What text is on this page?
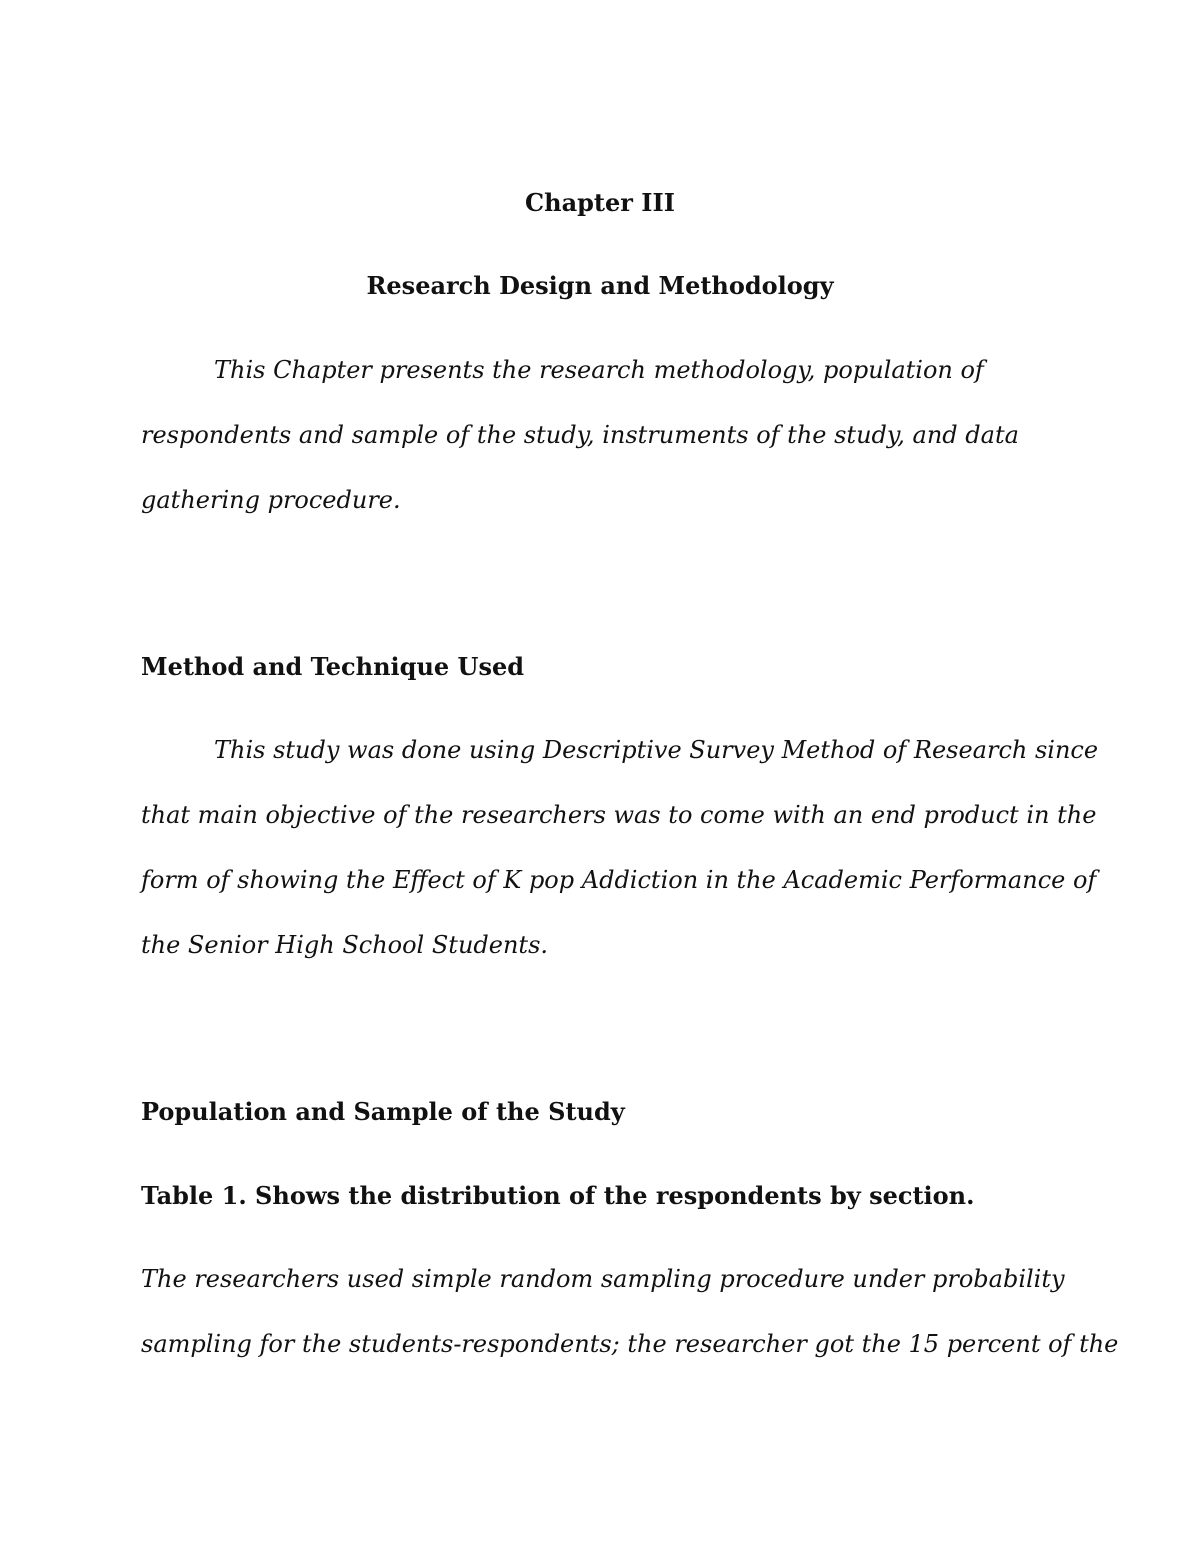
Chapter III
Research Design and Methodology
This Chapter presents the research methodology, population of
respondents and sample of the study, instruments of the study, and data
gathering procedure.
Method and Technique Used
This study was done using Descriptive Survey Method of Research since
that main objective of the researchers was to come with an end product in the
form of showing the Effect of K pop Addiction in the Academic Performance of
the Senior High School Students.
Population and Sample of the Study
Table 1. Shows the distribution of the respondents by section.
The researchers used simple random sampling procedure under probability
sampling for the students-respondents; the researcher got the 15 percent of the
